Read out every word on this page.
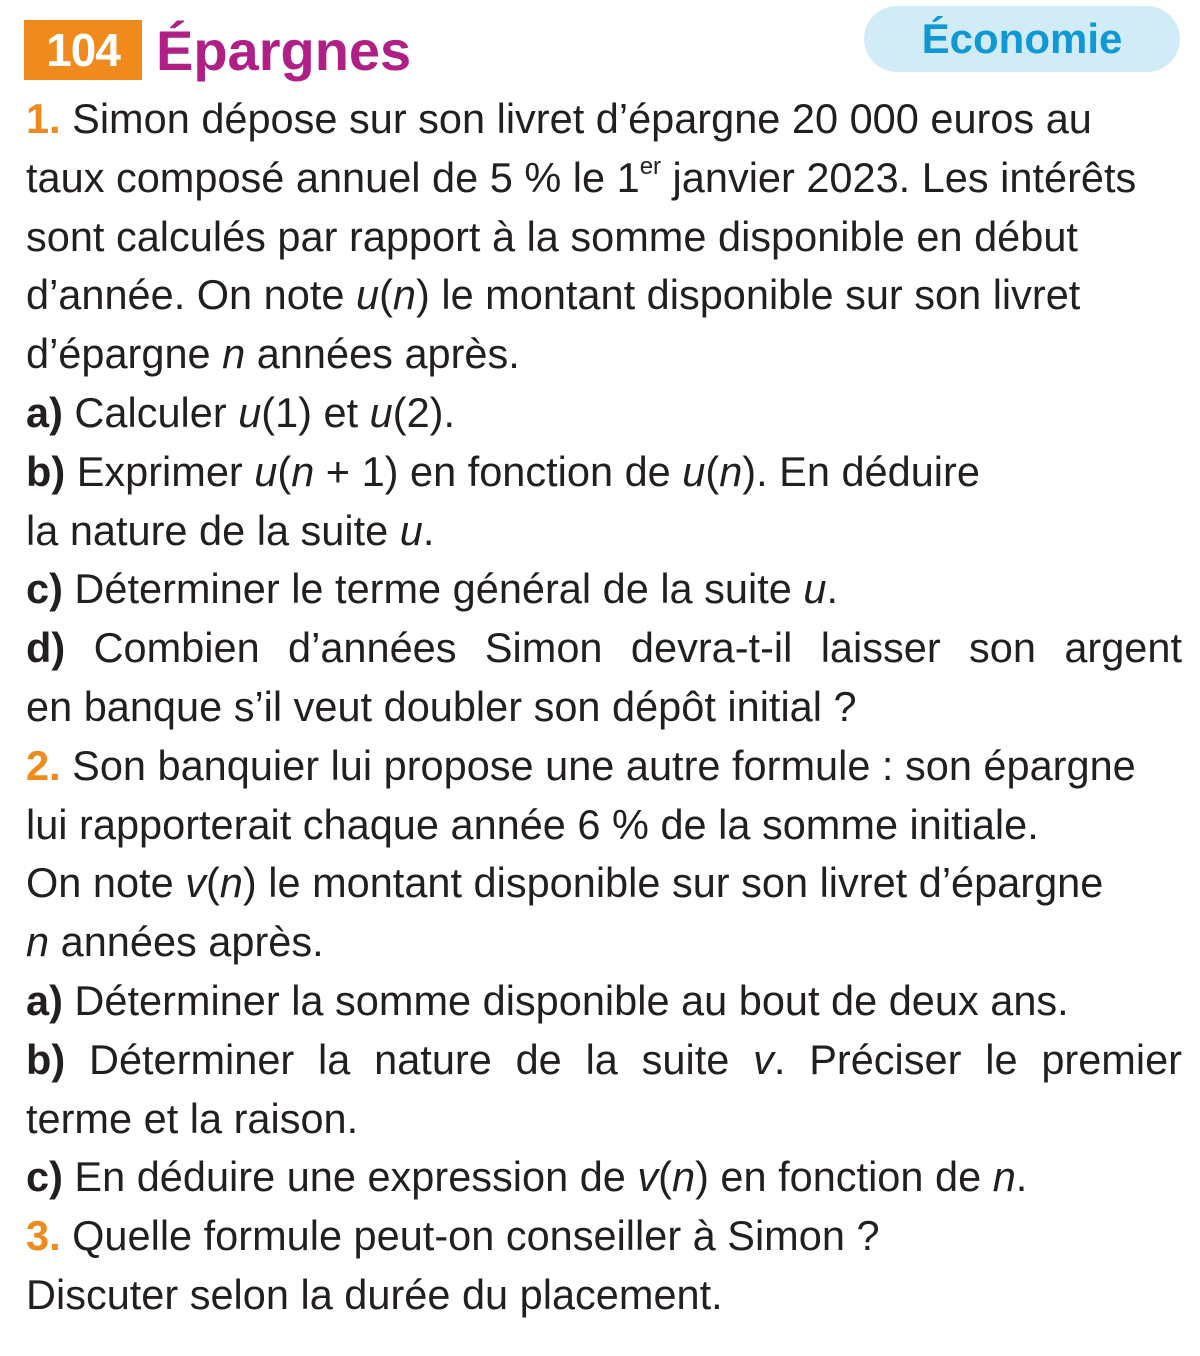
104 Épargnes	Économie
1. Simon dépose sur son livret d’épargne 20 000 euros au
taux composé annuel de 5 % le 1er janvier 2023. Les intérêts
sont calculés par rapport à la somme disponible en début
d’année. On note u(n) le montant disponible sur son livret
d’épargne n années après.
a) Calculer u(1) et u(2).
b) Exprimer u(n + 1) en fonction de u(n). En déduire
la nature de la suite u.
c) Déterminer le terme général de la suite u.
d) Combien d’années Simon devra-t-il laisser son argent
en banque s’il veut doubler son dépôt initial ?
2. Son banquier lui propose une autre formule : son épargne
lui rapporterait chaque année 6 % de la somme initiale.
On note v(n) le montant disponible sur son livret d’épargne
n années après.
a) Déterminer la somme disponible au bout de deux ans.
b) Déterminer la nature de la suite v. Préciser le premier
terme et la raison.
c) En déduire une expression de v(n) en fonction de n.
3. Quelle formule peut-on conseiller à Simon ?
Discuter selon la durée du placement.
